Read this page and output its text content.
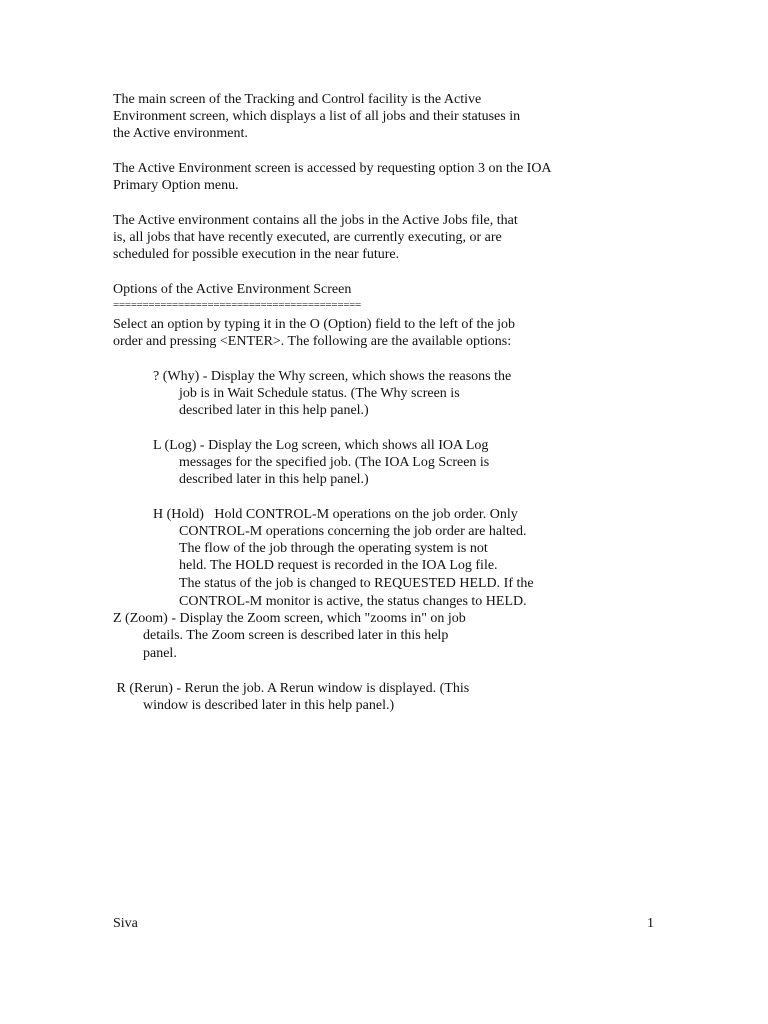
The main screen of the Tracking and Control facility is the Active

Environment screen, which displays a list of all jobs and their statuses in

the Active environment.

The Active Environment screen is accessed by requesting option 3 on the IOA

Primary Option menu.

The Active environment contains all the jobs in the Active Jobs file, that

is, all jobs that have recently executed, are currently executing, or are

scheduled for possible execution in the near future.

Options of the Active Environment Screen

==========================================

Select an option by typing it in the O (Option) field to the left of the job

order and pressing <ENTER>. The following are the available options:

? (Why) - Display the Why screen, which shows the reasons the

job is in Wait Schedule status. (The Why screen is

described later in this help panel.)

L (Log) - Display the Log screen, which shows all IOA Log

messages for the specified job. (The IOA Log Screen is

described later in this help panel.)

H (Hold)   Hold CONTROL-M operations on the job order. Only

CONTROL-M operations concerning the job order are halted.

The flow of the job through the operating system is not

held. The HOLD request is recorded in the IOA Log file.

The status of the job is changed to REQUESTED HELD. If the

CONTROL-M monitor is active, the status changes to HELD.

Z (Zoom) - Display the Zoom screen, which "zooms in" on job

details. The Zoom screen is described later in this help

panel.

R (Rerun) - Rerun the job. A Rerun window is displayed. (This

window is described later in this help panel.)

Siva	1
